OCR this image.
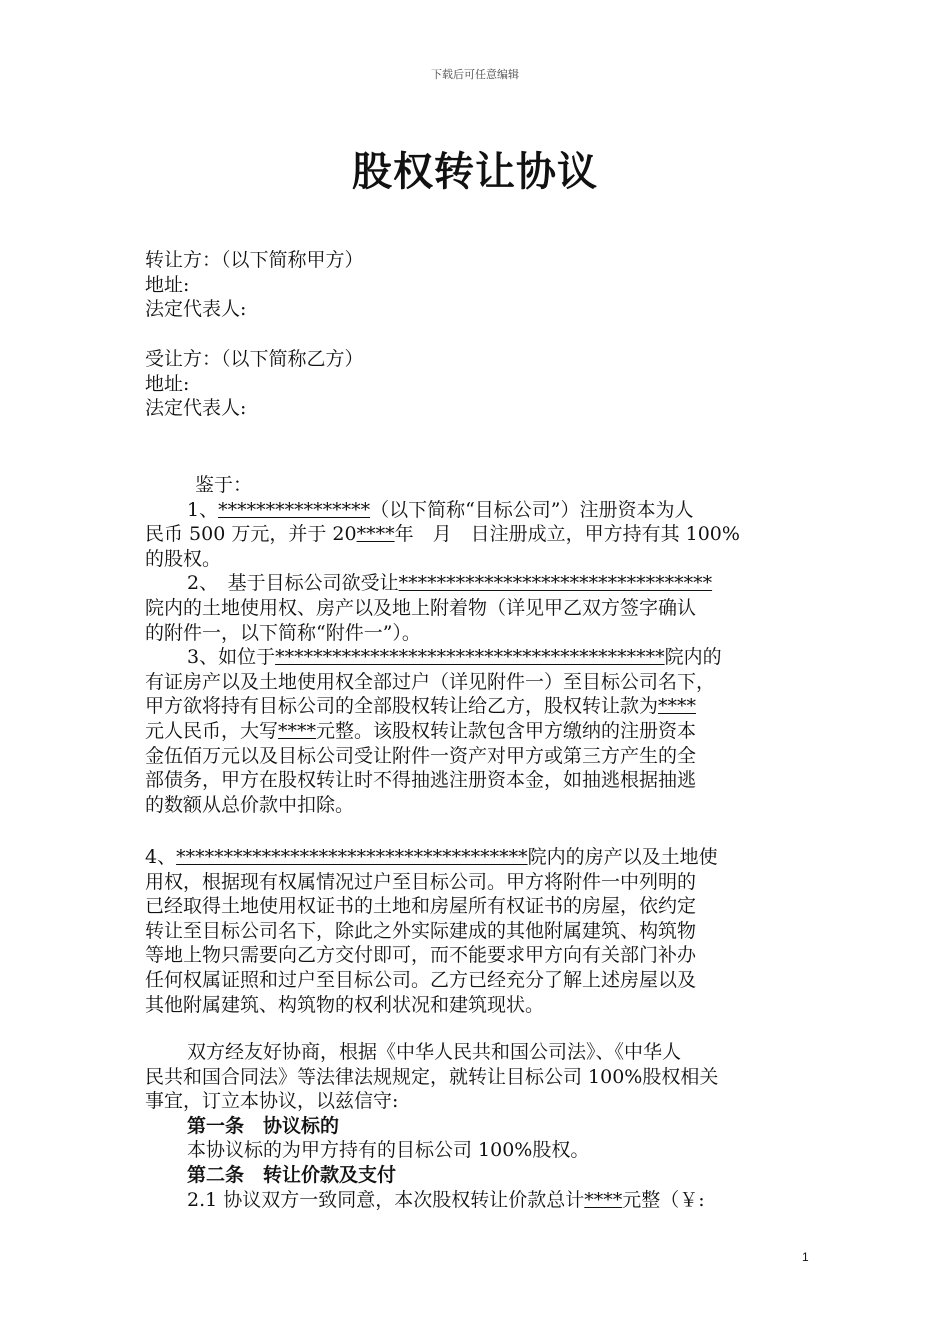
下载后可任意编辑
股权转让协议
转让方：（以下简称甲方）
地址:
法定代表人:
受让方：（以下简称乙方）
地址:
法定代表人:
鉴于：
1、****************（以下简称“目标公司”）注册资本为人
民币 500 万元，并于 20****年　月　日注册成立，甲方持有其 100%
的股权。
2、　基于目标公司欲受让*********************************
院内的土地使用权、房产以及地上附着物（详见甲乙双方签字确认
的附件一，以下简称“附件一”）。
3、如位于*****************************************院内的
有证房产以及土地使用权全部过户（详见附件一）至目标公司名下，
甲方欲将持有目标公司的全部股权转让给乙方，股权转让款为****
元人民币，大写****元整。该股权转让款包含甲方缴纳的注册资本
金伍佰万元以及目标公司受让附件一资产对甲方或第三方产生的全
部债务，甲方在股权转让时不得抽逃注册资本金，如抽逃根据抽逃
的数额从总价款中扣除。
4、*************************************院内的房产以及土地使
用权，根据现有权属情况过户至目标公司。甲方将附件一中列明的
已经取得土地使用权证书的土地和房屋所有权证书的房屋，依约定
转让至目标公司名下，除此之外实际建成的其他附属建筑、构筑物
等地上物只需要向乙方交付即可，而不能要求甲方向有关部门补办
任何权属证照和过户至目标公司。乙方已经充分了解上述房屋以及
其他附属建筑、构筑物的权利状况和建筑现状。
双方经友好协商，根据《中华人民共和国公司法》、《中华人
民共和国合同法》等法律法规规定，就转让目标公司 100%股权相关
事宜，订立本协议，以兹信守:
第一条　协议标的
本协议标的为甲方持有的目标公司 100%股权。
第二条　转让价款及支付
2.1 协议双方一致同意，本次股权转让价款总计****元整（￥:
1
